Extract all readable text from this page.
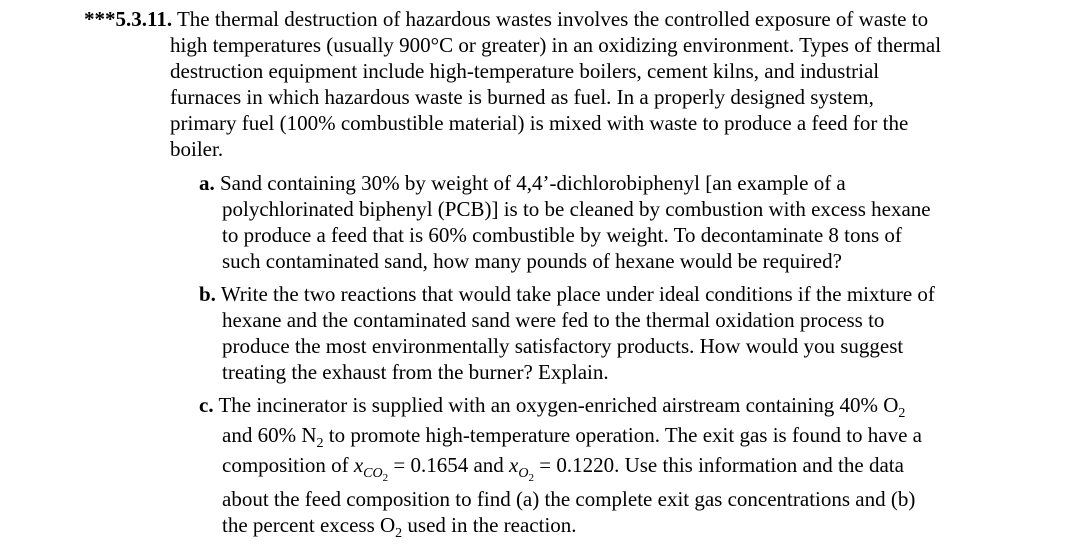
***5.3.11. The thermal destruction of hazardous wastes involves the controlled exposure of waste to
high temperatures (usually 900°C or greater) in an oxidizing environment. Types of thermal
destruction equipment include high-temperature boilers, cement kilns, and industrial
furnaces in which hazardous waste is burned as fuel. In a properly designed system,
primary fuel (100% combustible material) is mixed with waste to produce a feed for the
boiler.
a. Sand containing 30% by weight of 4,4’-dichlorobiphenyl [an example of a
polychlorinated biphenyl (PCB)] is to be cleaned by combustion with excess hexane
to produce a feed that is 60% combustible by weight. To decontaminate 8 tons of
such contaminated sand, how many pounds of hexane would be required?
b. Write the two reactions that would take place under ideal conditions if the mixture of
hexane and the contaminated sand were fed to the thermal oxidation process to
produce the most environmentally satisfactory products. How would you suggest
treating the exhaust from the burner? Explain.
c. The incinerator is supplied with an oxygen-enriched airstream containing 40% $O_2$
and 60% $N_2$ to promote high-temperature operation. The exit gas is found to have a
composition of $x_{CO_2} = 0.1654$ and $x_{O_2} = 0.1220$. Use this information and the data
about the feed composition to find (a) the complete exit gas concentrations and (b)
the percent excess $O_2$ used in the reaction.
